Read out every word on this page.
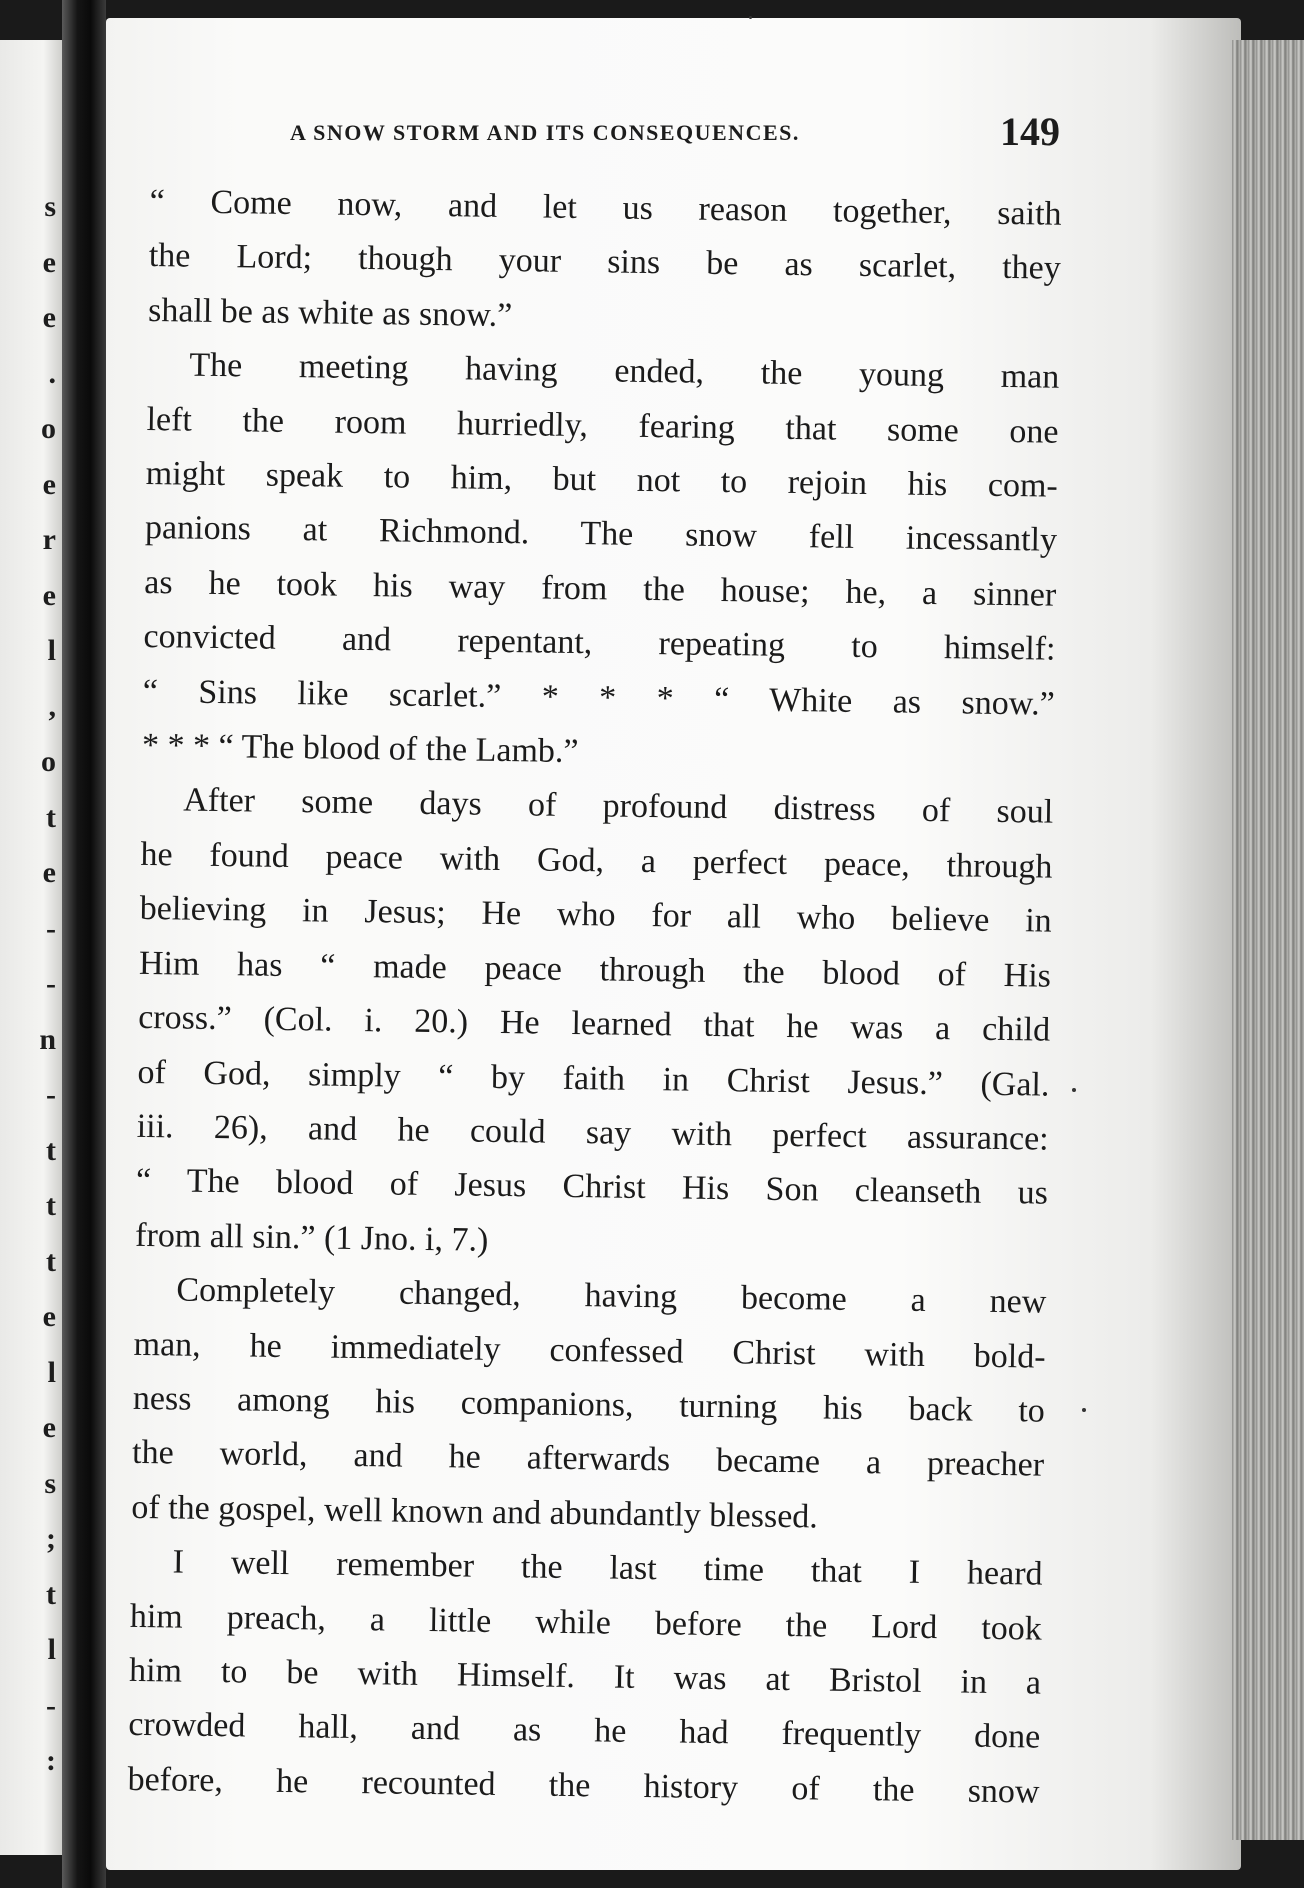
s
e
e
.
o
e
r
e
l
,
o
t
e
-
-
n
-
t
t
t
e
l
e
s
;
t
l
-
:
A SNOW STORM AND ITS CONSEQUENCES.	149
“ Come now, and let us reason together, saith
the Lord; though your sins be as scarlet, they
shall be as white as snow.”
The meeting having ended, the young man
left the room hurriedly, fearing that some one
might speak to him, but not to rejoin his com-
panions at Richmond. The snow fell incessantly
as he took his way from the house; he, a sinner
convicted and repentant, repeating to himself:
“ Sins like scarlet.” * * * “ White as snow.”
* * * “ The blood of the Lamb.”
After some days of profound distress of soul
he found peace with God, a perfect peace, through
believing in Jesus; He who for all who believe in
Him has “ made peace through the blood of His
cross.” (Col. i. 20.) He learned that he was a child
of God, simply “ by faith in Christ Jesus.” (Gal.
iii. 26), and he could say with perfect assurance:
“ The blood of Jesus Christ His Son cleanseth us
from all sin.” (1 Jno. i, 7.)
Completely changed, having become a new
man, he immediately confessed Christ with bold-
ness among his companions, turning his back to
the world, and he afterwards became a preacher
of the gospel, well known and abundantly blessed.
I well remember the last time that I heard
him preach, a little while before the Lord took
him to be with Himself. It was at Bristol in a
crowded hall, and as he had frequently done
before, he recounted the history of the snow
